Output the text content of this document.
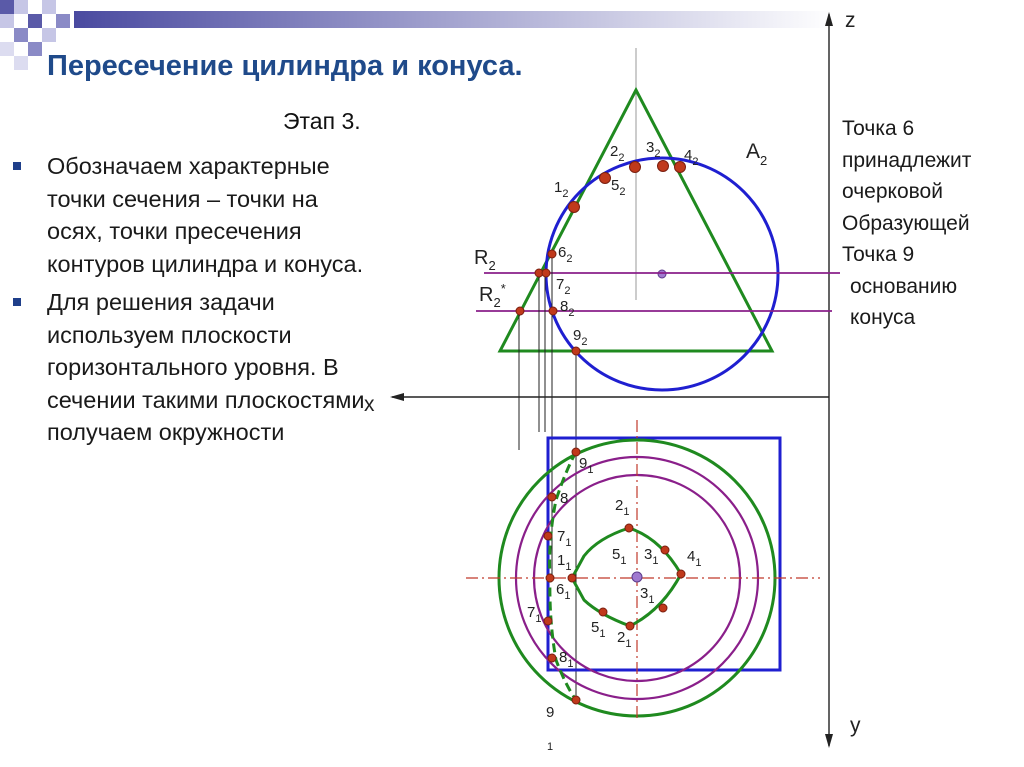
Пересечение цилиндра и конуса.
Этап 3.
Обозначаем характерные точки сечения – точки на осях, точки пресечения контуров цилиндра и конуса.
Для решения задачи используем плоскости горизонтального уровня. В сечении такими плоскостями получаем окружности
Точка 6
принадлежит
очерковой
Образующей
Точка 9
основанию
конуса
z
x
y
$R_2$
$R_2^*$
$A_2$
$1_2$
$2_2$
$3_2$ $4_2$
$5_2$
$6_2$
$7_2$
$8_2$
$9_2$
$9_1$
8
$7_1$
$1_1$
$6_1$
$7_1$
$8_1$
$2_1$
$5_1$ $3_1$ $4_1$
$3_1$
$5_1$ $2_1$
9
1
